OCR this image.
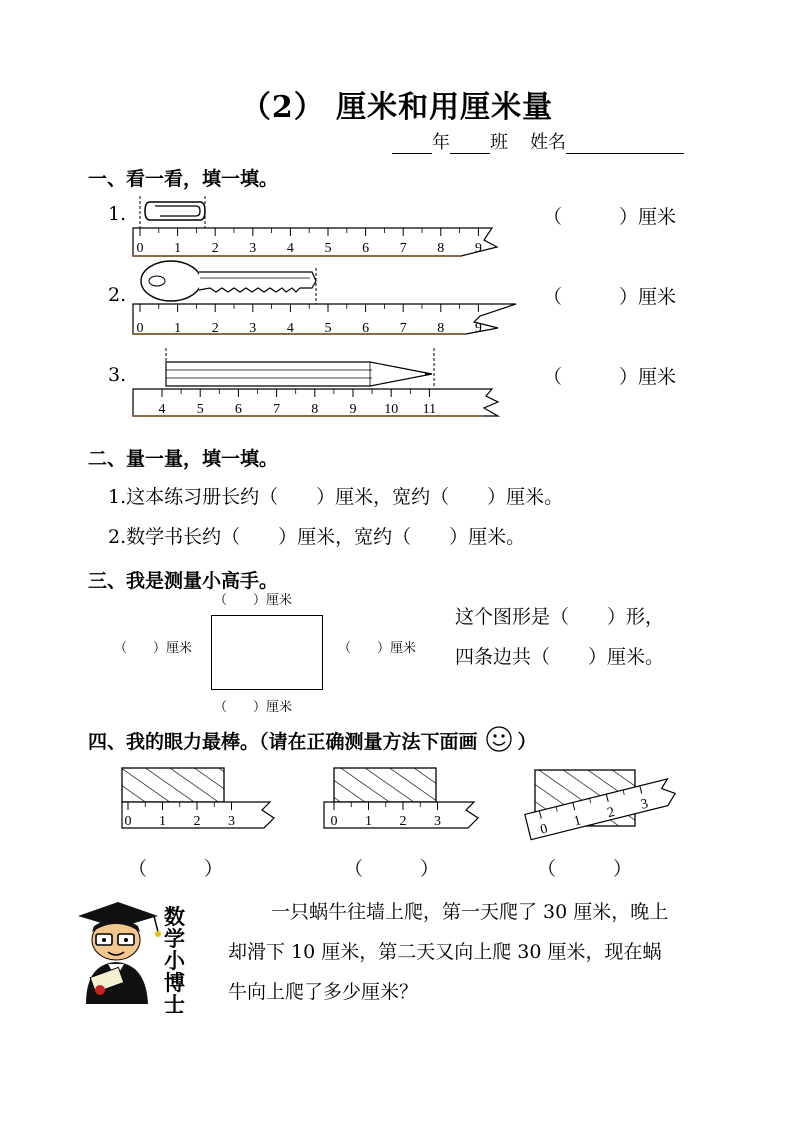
（2） 厘米和用厘米量
年 班 姓名
一、看一看，填一填。
1.	（　　　）厘米
2.	（　　　）厘米
3.	（　　　）厘米
0 1 2 3 4 5 6 7 8 9
0 1 2 3 4 5 6 7 8 9
4 5 6 7 8 9 10 11
二、量一量，填一填。
1.这本练习册长约（　　）厘米，宽约（　　）厘米。
2.数学书长约（　　）厘米，宽约（　　）厘米。
三、我是测量小高手。
（　　）厘米
（　　）厘米	（　　）厘米
（　　）厘米
这个图形是（　　）形，
四条边共（　　）厘米。
四、我的眼力最棒。（请在正确测量方法下面画 ）
0 1 2 3	0 1 2 3
0
1
2
3
（　　　）	（　　　）	（　　　）
数
学
小
博
士
一只蜗牛往墙上爬，第一天爬了 30 厘米，晚上
却滑下 10 厘米，第二天又向上爬 30 厘米，现在蜗
牛向上爬了多少厘米？
